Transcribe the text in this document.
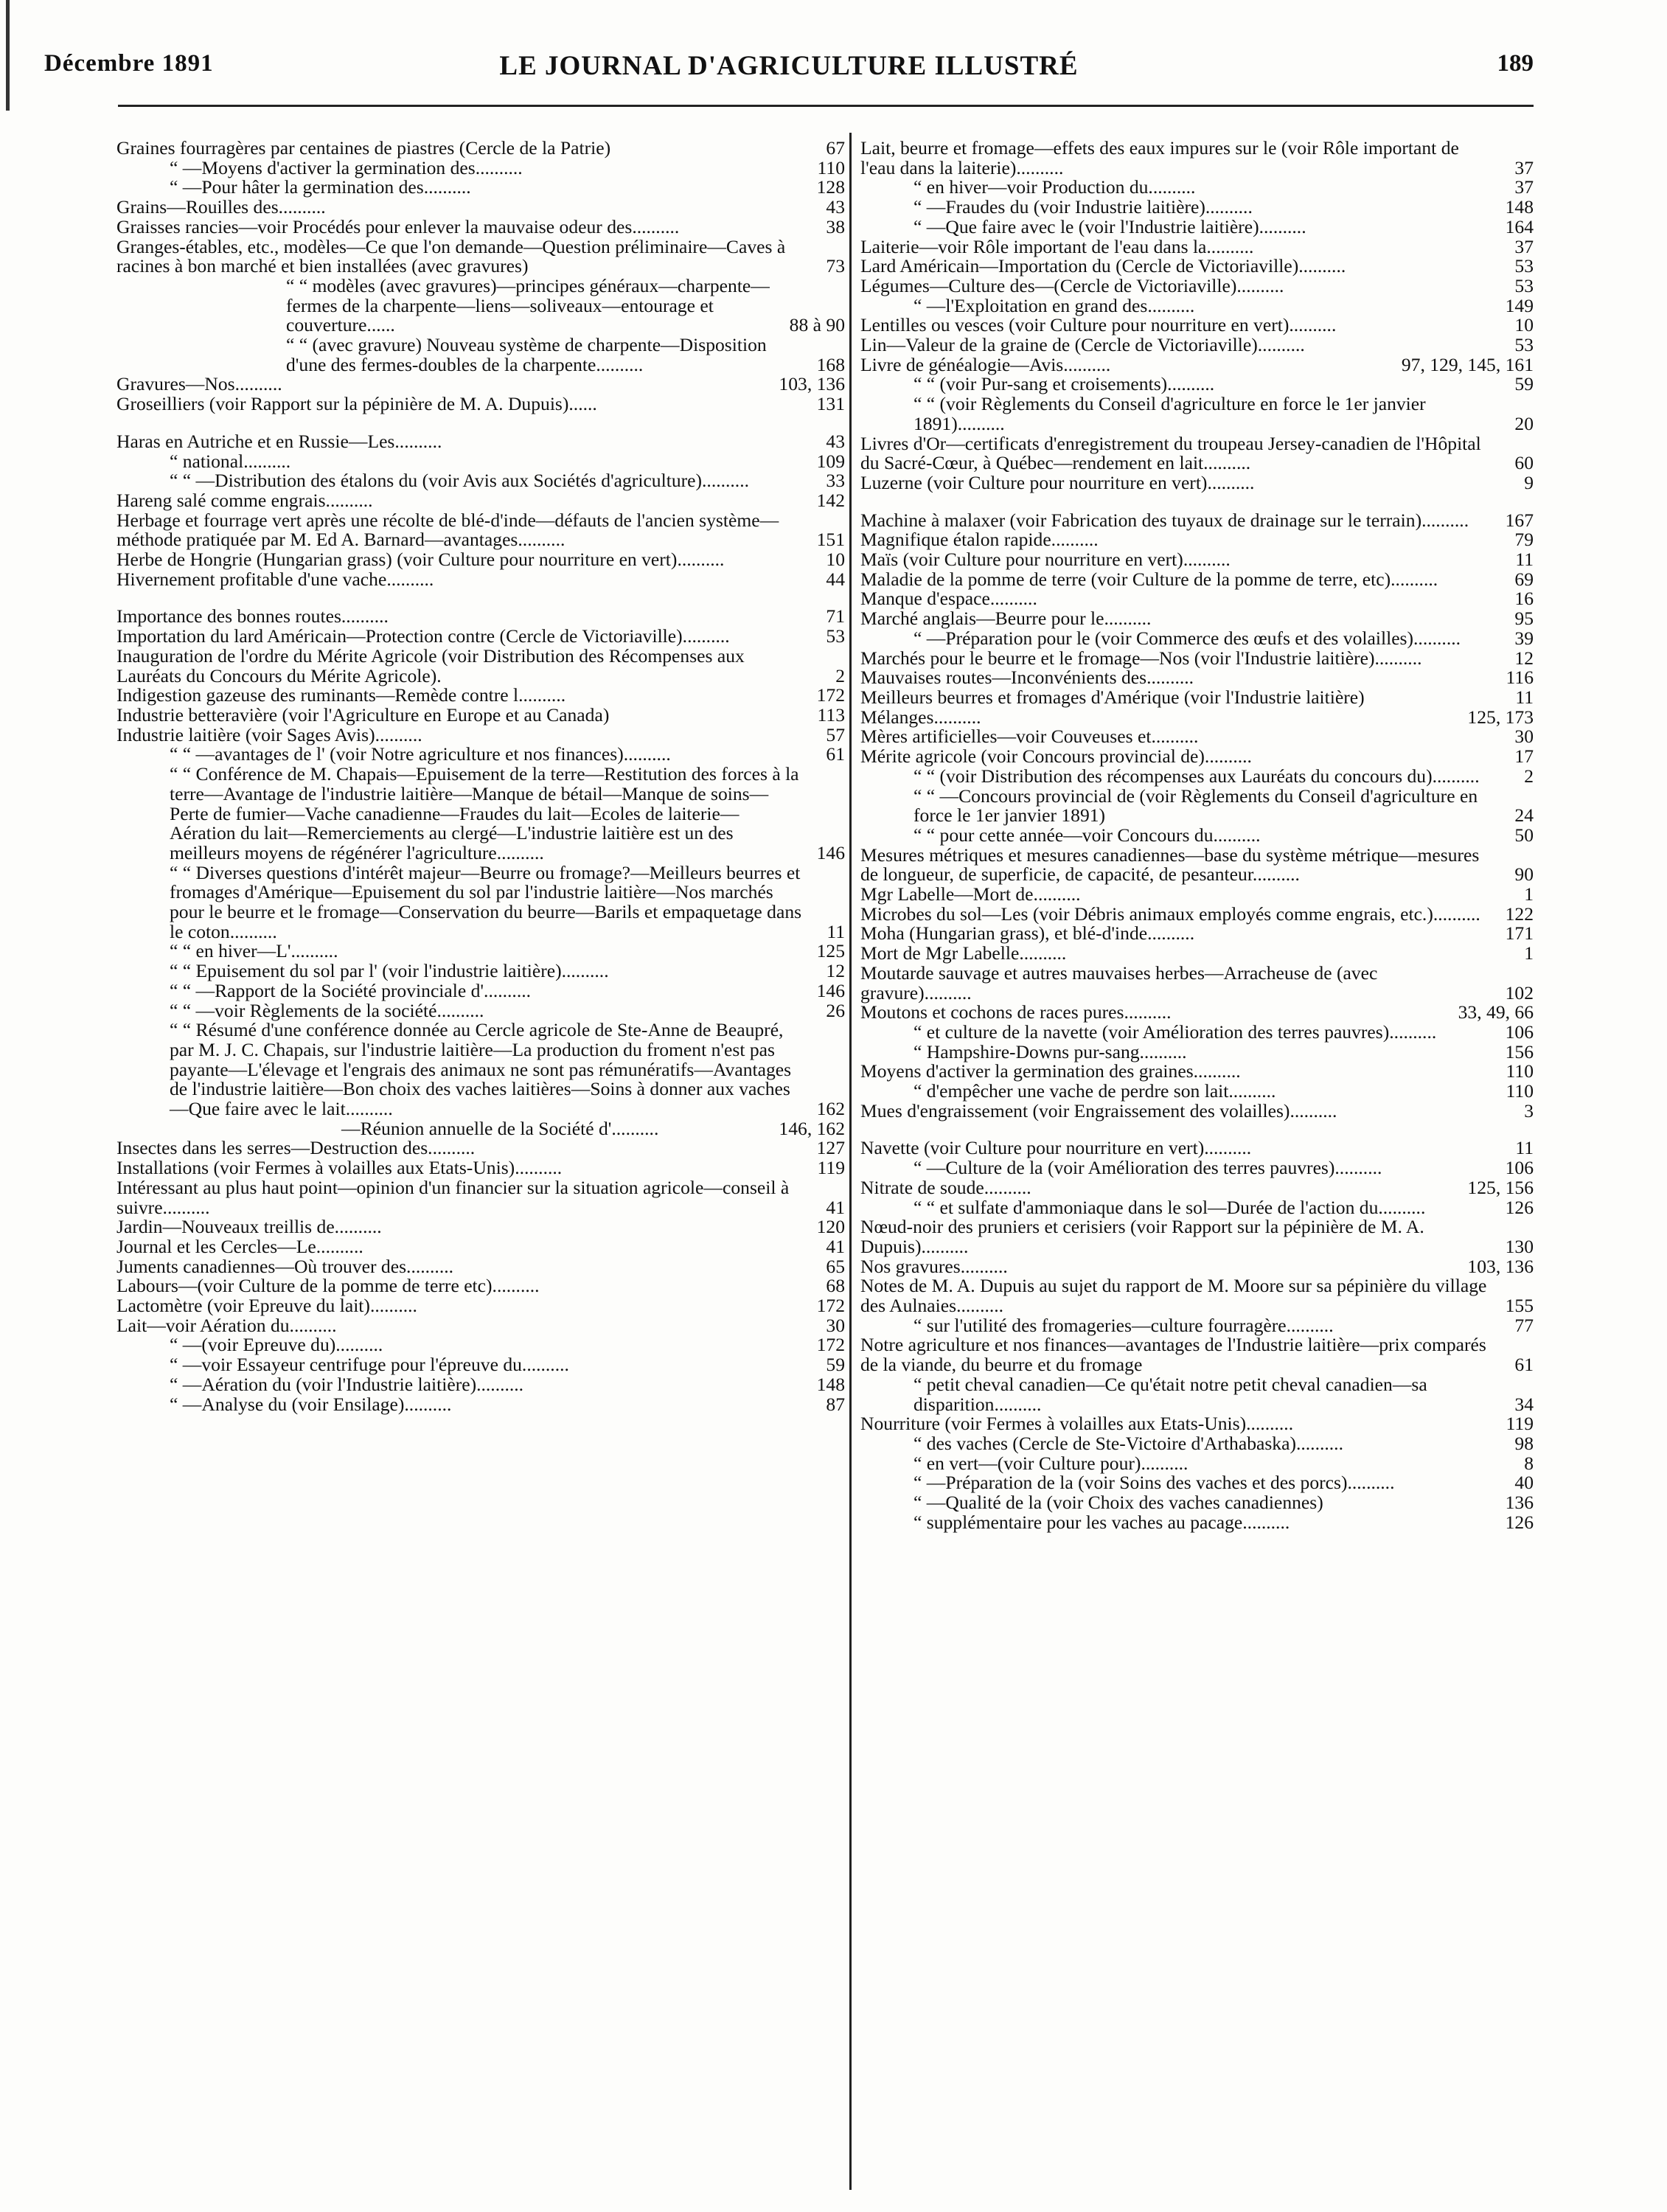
Décembre 1891	LE JOURNAL D'AGRICULTURE ILLUSTRÉ	189
Graines fourragères par centaines de piastres (Cercle de la Patrie)	67
“ —Moyens d'activer la germination des..........	110
“ —Pour hâter la germination des..........	128
Grains—Rouilles des..........	43
Graisses rancies—voir Procédés pour enlever la mauvaise odeur des..........	38
Granges-étables, etc., modèles—Ce que l'on demande—Question préliminaire—Caves à racines à bon marché et bien installées (avec gravures)	73
“ “ modèles (avec gravures)—principes généraux—charpente—fermes de la charpente—liens—soliveaux—entourage et couverture......	88 à 90
“ “ (avec gravure) Nouveau système de charpente—Disposition d'une des fermes-doubles de la charpente..........	168
Gravures—Nos..........	103, 136
Groseilliers (voir Rapport sur la pépinière de M. A. Dupuis)......	131
Haras en Autriche et en Russie—Les..........	43
“ national..........	109
“ “ —Distribution des étalons du (voir Avis aux Sociétés d'agriculture)..........	33
Hareng salé comme engrais..........	142
Herbage et fourrage vert après une récolte de blé-d'inde—défauts de l'ancien système—méthode pratiquée par M. Ed A. Barnard—avantages..........	151
Herbe de Hongrie (Hungarian grass) (voir Culture pour nourriture en vert)..........	10
Hivernement profitable d'une vache..........	44
Importance des bonnes routes..........	71
Importation du lard Américain—Protection contre (Cercle de Victoriaville)..........	53
Inauguration de l'ordre du Mérite Agricole (voir Distribution des Récompenses aux Lauréats du Concours du Mérite Agricole).	2
Indigestion gazeuse des ruminants—Remède contre l..........	172
Industrie betteravière (voir l'Agriculture en Europe et au Canada)	113
Industrie laitière (voir Sages Avis)..........	57
“ “ —avantages de l' (voir Notre agriculture et nos finances)..........	61
“ “ Conférence de M. Chapais—Epuisement de la terre—Restitution des forces à la terre—Avantage de l'industrie laitière—Manque de bétail—Manque de soins—Perte de fumier—Vache canadienne—Fraudes du lait—Ecoles de laiterie—Aération du lait—Remerciements au clergé—L'industrie laitière est un des meilleurs moyens de régénérer l'agriculture..........	146
“ “ Diverses questions d'intérêt majeur—Beurre ou fromage?—Meilleurs beurres et fromages d'Amérique—Epuisement du sol par l'industrie laitière—Nos marchés pour le beurre et le fromage—Conservation du beurre—Barils et empaquetage dans le coton..........	11
“ “ en hiver—L'..........	125
“ “ Epuisement du sol par l' (voir l'industrie laitière)..........	12
“ “ —Rapport de la Société provinciale d'..........	146
“ “ —voir Règlements de la société..........	26
“ “ Résumé d'une conférence donnée au Cercle agricole de Ste-Anne de Beaupré, par M. J. C. Chapais, sur l'industrie laitière—La production du froment n'est pas payante—L'élevage et l'engrais des animaux ne sont pas rémunératifs—Avantages de l'industrie laitière—Bon choix des vaches laitières—Soins à donner aux vaches—Que faire avec le lait..........	162
—Réunion annuelle de la Société d'..........	146, 162
Insectes dans les serres—Destruction des..........	127
Installations (voir Fermes à volailles aux Etats-Unis)..........	119
Intéressant au plus haut point—opinion d'un financier sur la situation agricole—conseil à suivre..........	41
Jardin—Nouveaux treillis de..........	120
Journal et les Cercles—Le..........	41
Juments canadiennes—Où trouver des..........	65
Labours—(voir Culture de la pomme de terre etc)..........	68
Lactomètre (voir Epreuve du lait)..........	172
Lait—voir Aération du..........	30
“ —(voir Epreuve du)..........	172
“ —voir Essayeur centrifuge pour l'épreuve du..........	59
“ —Aération du (voir l'Industrie laitière)..........	148
“ —Analyse du (voir Ensilage)..........	87
Lait, beurre et fromage—effets des eaux impures sur le (voir Rôle important de l'eau dans la laiterie)..........	37
“ en hiver—voir Production du..........	37
“ —Fraudes du (voir Industrie laitière)..........	148
“ —Que faire avec le (voir l'Industrie laitière)..........	164
Laiterie—voir Rôle important de l'eau dans la..........	37
Lard Américain—Importation du (Cercle de Victoriaville)..........	53
Légumes—Culture des—(Cercle de Victoriaville)..........	53
“ —l'Exploitation en grand des..........	149
Lentilles ou vesces (voir Culture pour nourriture en vert)..........	10
Lin—Valeur de la graine de (Cercle de Victoriaville)..........	53
Livre de généalogie—Avis..........	97, 129, 145, 161
“ “ (voir Pur-sang et croisements)..........	59
“ “ (voir Règlements du Conseil d'agriculture en force le 1er janvier 1891)..........	20
Livres d'Or—certificats d'enregistrement du troupeau Jersey-canadien de l'Hôpital du Sacré-Cœur, à Québec—rendement en lait..........	60
Luzerne (voir Culture pour nourriture en vert)..........	9
Machine à malaxer (voir Fabrication des tuyaux de drainage sur le terrain).......... 167
Magnifique étalon rapide..........	79
Maïs (voir Culture pour nourriture en vert)..........	11
Maladie de la pomme de terre (voir Culture de la pomme de terre, etc)..........	69
Manque d'espace..........	16
Marché anglais—Beurre pour le..........	95
“ —Préparation pour le (voir Commerce des œufs et des volailles)..........	39
Marchés pour le beurre et le fromage—Nos (voir l'Industrie laitière)..........	12
Mauvaises routes—Inconvénients des..........	116
Meilleurs beurres et fromages d'Amérique (voir l'Industrie laitière)	11
Mélanges..........	125, 173
Mères artificielles—voir Couveuses et..........	30
Mérite agricole (voir Concours provincial de)..........	17
“ “ (voir Distribution des récompenses aux Lauréats du concours du).......... 2
“ “ —Concours provincial de (voir Règlements du Conseil d'agriculture en force le 1er janvier 1891)	24
“ “ pour cette année—voir Concours du..........	50
Mesures métriques et mesures canadiennes—base du système métrique—mesures de longueur, de superficie, de capacité, de pesanteur..........	90
Mgr Labelle—Mort de..........	1
Microbes du sol—Les (voir Débris animaux employés comme engrais, etc.).......... 122
Moha (Hungarian grass), et blé-d'inde..........	171
Mort de Mgr Labelle..........	1
Moutarde sauvage et autres mauvaises herbes—Arracheuse de (avec gravure)..........	102
Moutons et cochons de races pures..........	33, 49, 66
“ et culture de la navette (voir Amélioration des terres pauvres)..........	106
“ Hampshire-Downs pur-sang..........	156
Moyens d'activer la germination des graines..........	110
“ d'empêcher une vache de perdre son lait..........	110
Mues d'engraissement (voir Engraissement des volailles)..........	3
Navette (voir Culture pour nourriture en vert)..........	11
“ —Culture de la (voir Amélioration des terres pauvres)..........	106
Nitrate de soude..........	125, 156
“ “ et sulfate d'ammoniaque dans le sol—Durée de l'action du..........	126
Nœud-noir des pruniers et cerisiers (voir Rapport sur la pépinière de M. A. Dupuis)..........	130
Nos gravures..........	103, 136
Notes de M. A. Dupuis au sujet du rapport de M. Moore sur sa pépinière du village des Aulnaies..........	155
“ sur l'utilité des fromageries—culture fourragère..........	77
Notre agriculture et nos finances—avantages de l'Industrie laitière—prix comparés de la viande, du beurre et du fromage	61
“ petit cheval canadien—Ce qu'était notre petit cheval canadien—sa disparition..........	34
Nourriture (voir Fermes à volailles aux Etats-Unis)..........	119
“ des vaches (Cercle de Ste-Victoire d'Arthabaska)..........	98
“ en vert—(voir Culture pour)..........	8
“ —Préparation de la (voir Soins des vaches et des porcs)..........	40
“ —Qualité de la (voir Choix des vaches canadiennes)	136
“ supplémentaire pour les vaches au pacage..........	126
